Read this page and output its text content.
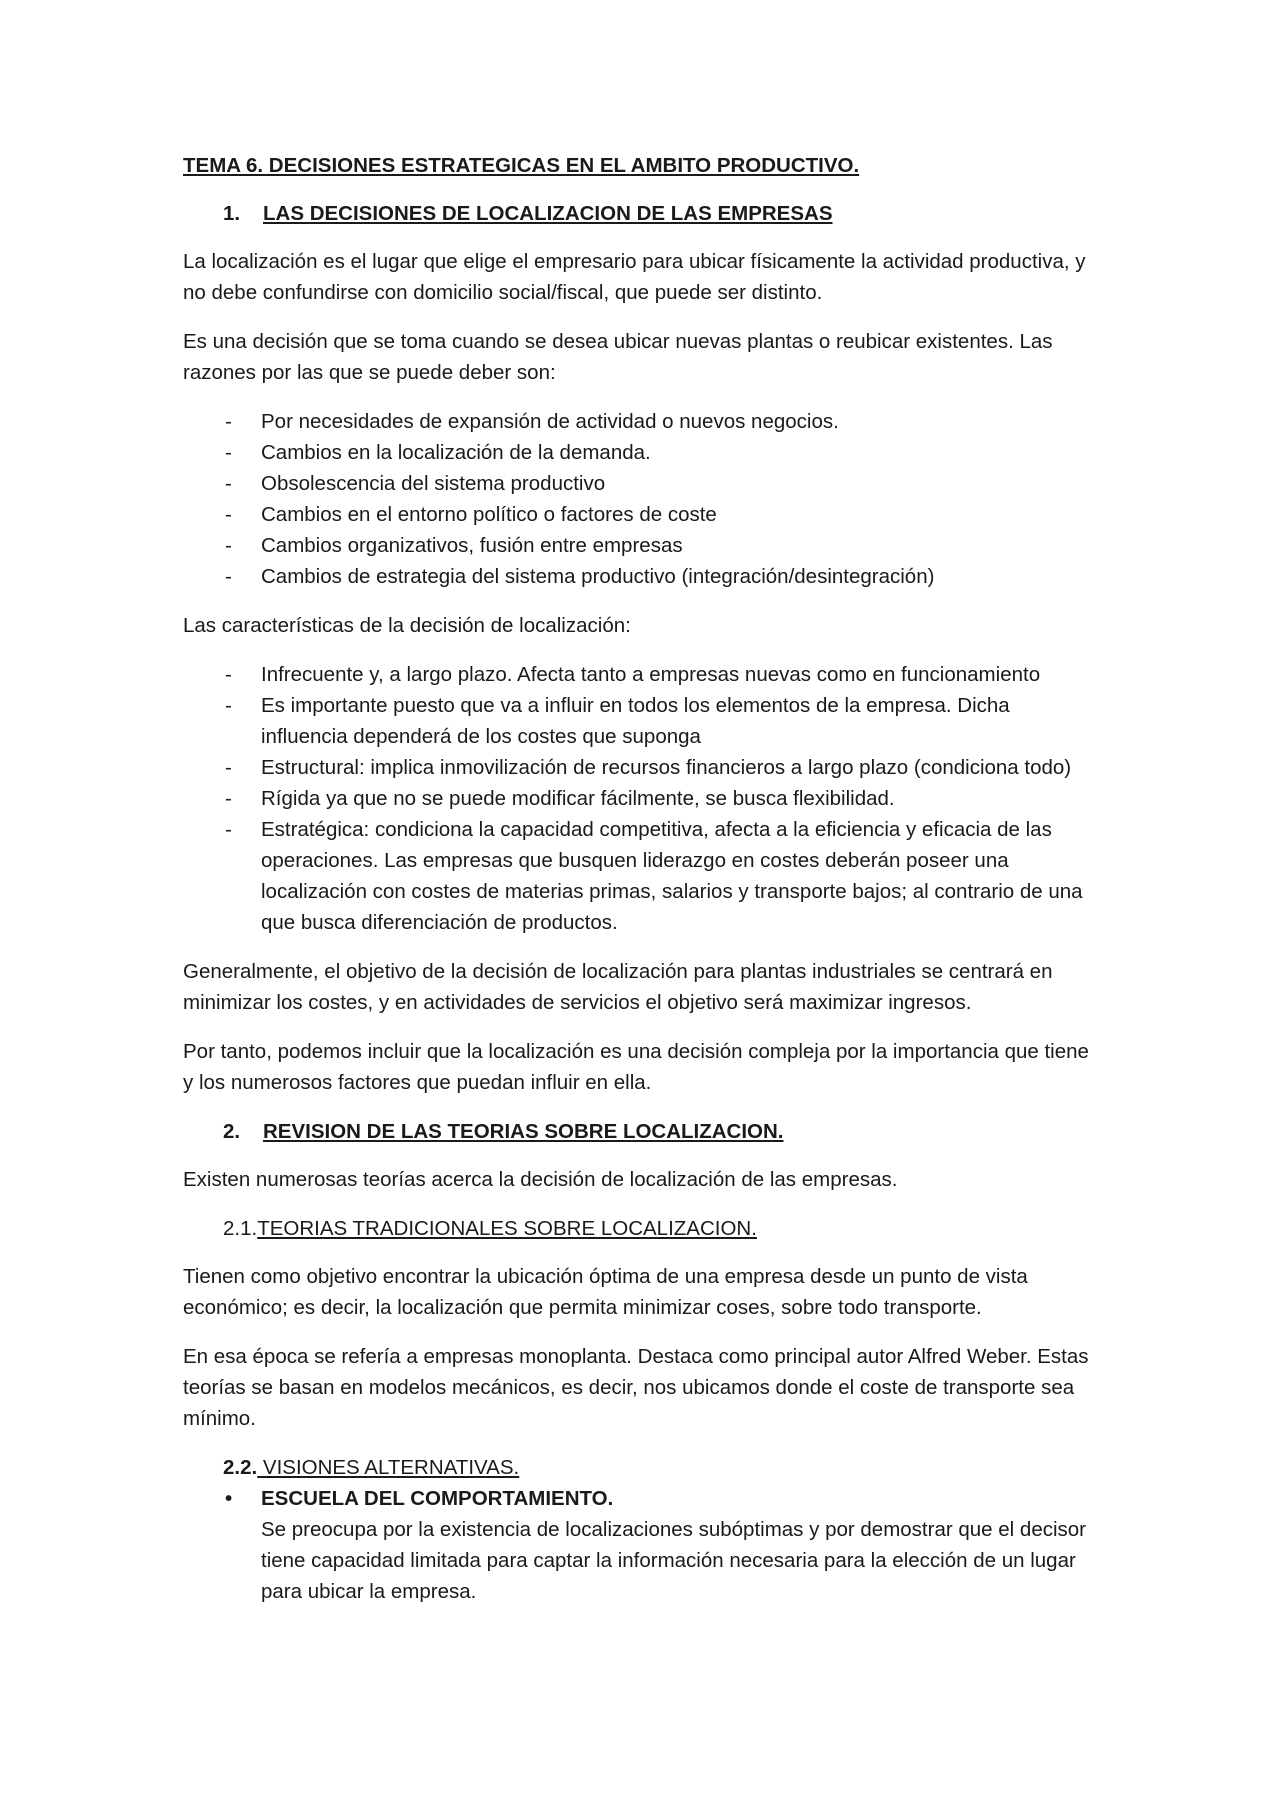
TEMA 6. DECISIONES ESTRATEGICAS EN EL AMBITO PRODUCTIVO.

1. LAS DECISIONES DE LOCALIZACION DE LAS EMPRESAS

La localización es el lugar que elige el empresario para ubicar físicamente la actividad productiva, y no debe confundirse con domicilio social/fiscal, que puede ser distinto.

Es una decisión que se toma cuando se desea ubicar nuevas plantas o reubicar existentes. Las razones por las que se puede deber son:

- Por necesidades de expansión de actividad o nuevos negocios.
- Cambios en la localización de la demanda.
- Obsolescencia del sistema productivo
- Cambios en el entorno político o factores de coste
- Cambios organizativos, fusión entre empresas
- Cambios de estrategia del sistema productivo (integración/desintegración)

Las características de la decisión de localización:

- Infrecuente y, a largo plazo. Afecta tanto a empresas nuevas como en funcionamiento
- Es importante puesto que va a influir en todos los elementos de la empresa. Dicha influencia dependerá de los costes que suponga
- Estructural: implica inmovilización de recursos financieros a largo plazo (condiciona todo)
- Rígida ya que no se puede modificar fácilmente, se busca flexibilidad.
- Estratégica: condiciona la capacidad competitiva, afecta a la eficiencia y eficacia de las operaciones. Las empresas que busquen liderazgo en costes deberán poseer una localización con costes de materias primas, salarios y transporte bajos; al contrario de una que busca diferenciación de productos.

Generalmente, el objetivo de la decisión de localización para plantas industriales se centrará en minimizar los costes, y en actividades de servicios el objetivo será maximizar ingresos.

Por tanto, podemos incluir que la localización es una decisión compleja por la importancia que tiene y los numerosos factores que puedan influir en ella.

2. REVISION DE LAS TEORIAS SOBRE LOCALIZACION.

Existen numerosas teorías acerca la decisión de localización de las empresas.

2.1.TEORIAS TRADICIONALES SOBRE LOCALIZACION.

Tienen como objetivo encontrar la ubicación óptima de una empresa desde un punto de vista económico; es decir, la localización que permita minimizar coses, sobre todo transporte.

En esa época se refería a empresas monoplanta. Destaca como principal autor Alfred Weber. Estas teorías se basan en modelos mecánicos, es decir, nos ubicamos donde el coste de transporte sea mínimo.

2.2. VISIONES ALTERNATIVAS.
• ESCUELA DEL COMPORTAMIENTO.
Se preocupa por la existencia de localizaciones subóptimas y por demostrar que el decisor tiene capacidad limitada para captar la información necesaria para la elección de un lugar para ubicar la empresa.
